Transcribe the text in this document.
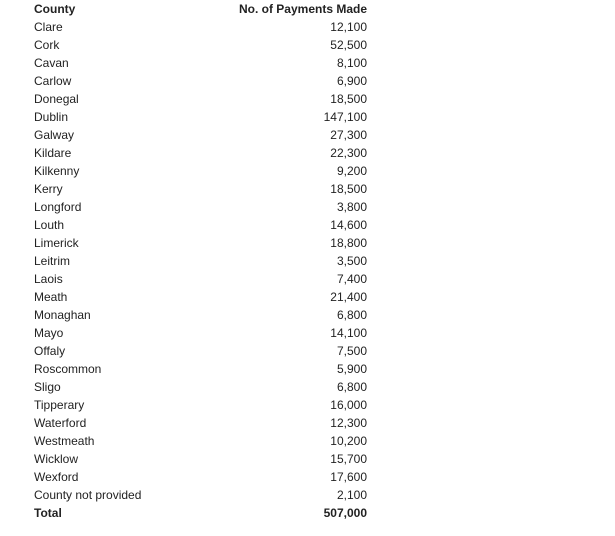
County	No. of Payments Made
Clare	12,100
Cork	52,500
Cavan	8,100
Carlow	6,900
Donegal	18,500
Dublin	147,100
Galway	27,300
Kildare	22,300
Kilkenny	9,200
Kerry	18,500
Longford	3,800
Louth	14,600
Limerick	18,800
Leitrim	3,500
Laois	7,400
Meath	21,400
Monaghan	6,800
Mayo	14,100
Offaly	7,500
Roscommon	5,900
Sligo	6,800
Tipperary	16,000
Waterford	12,300
Westmeath	10,200
Wicklow	15,700
Wexford	17,600
County not provided	2,100
Total	507,000
